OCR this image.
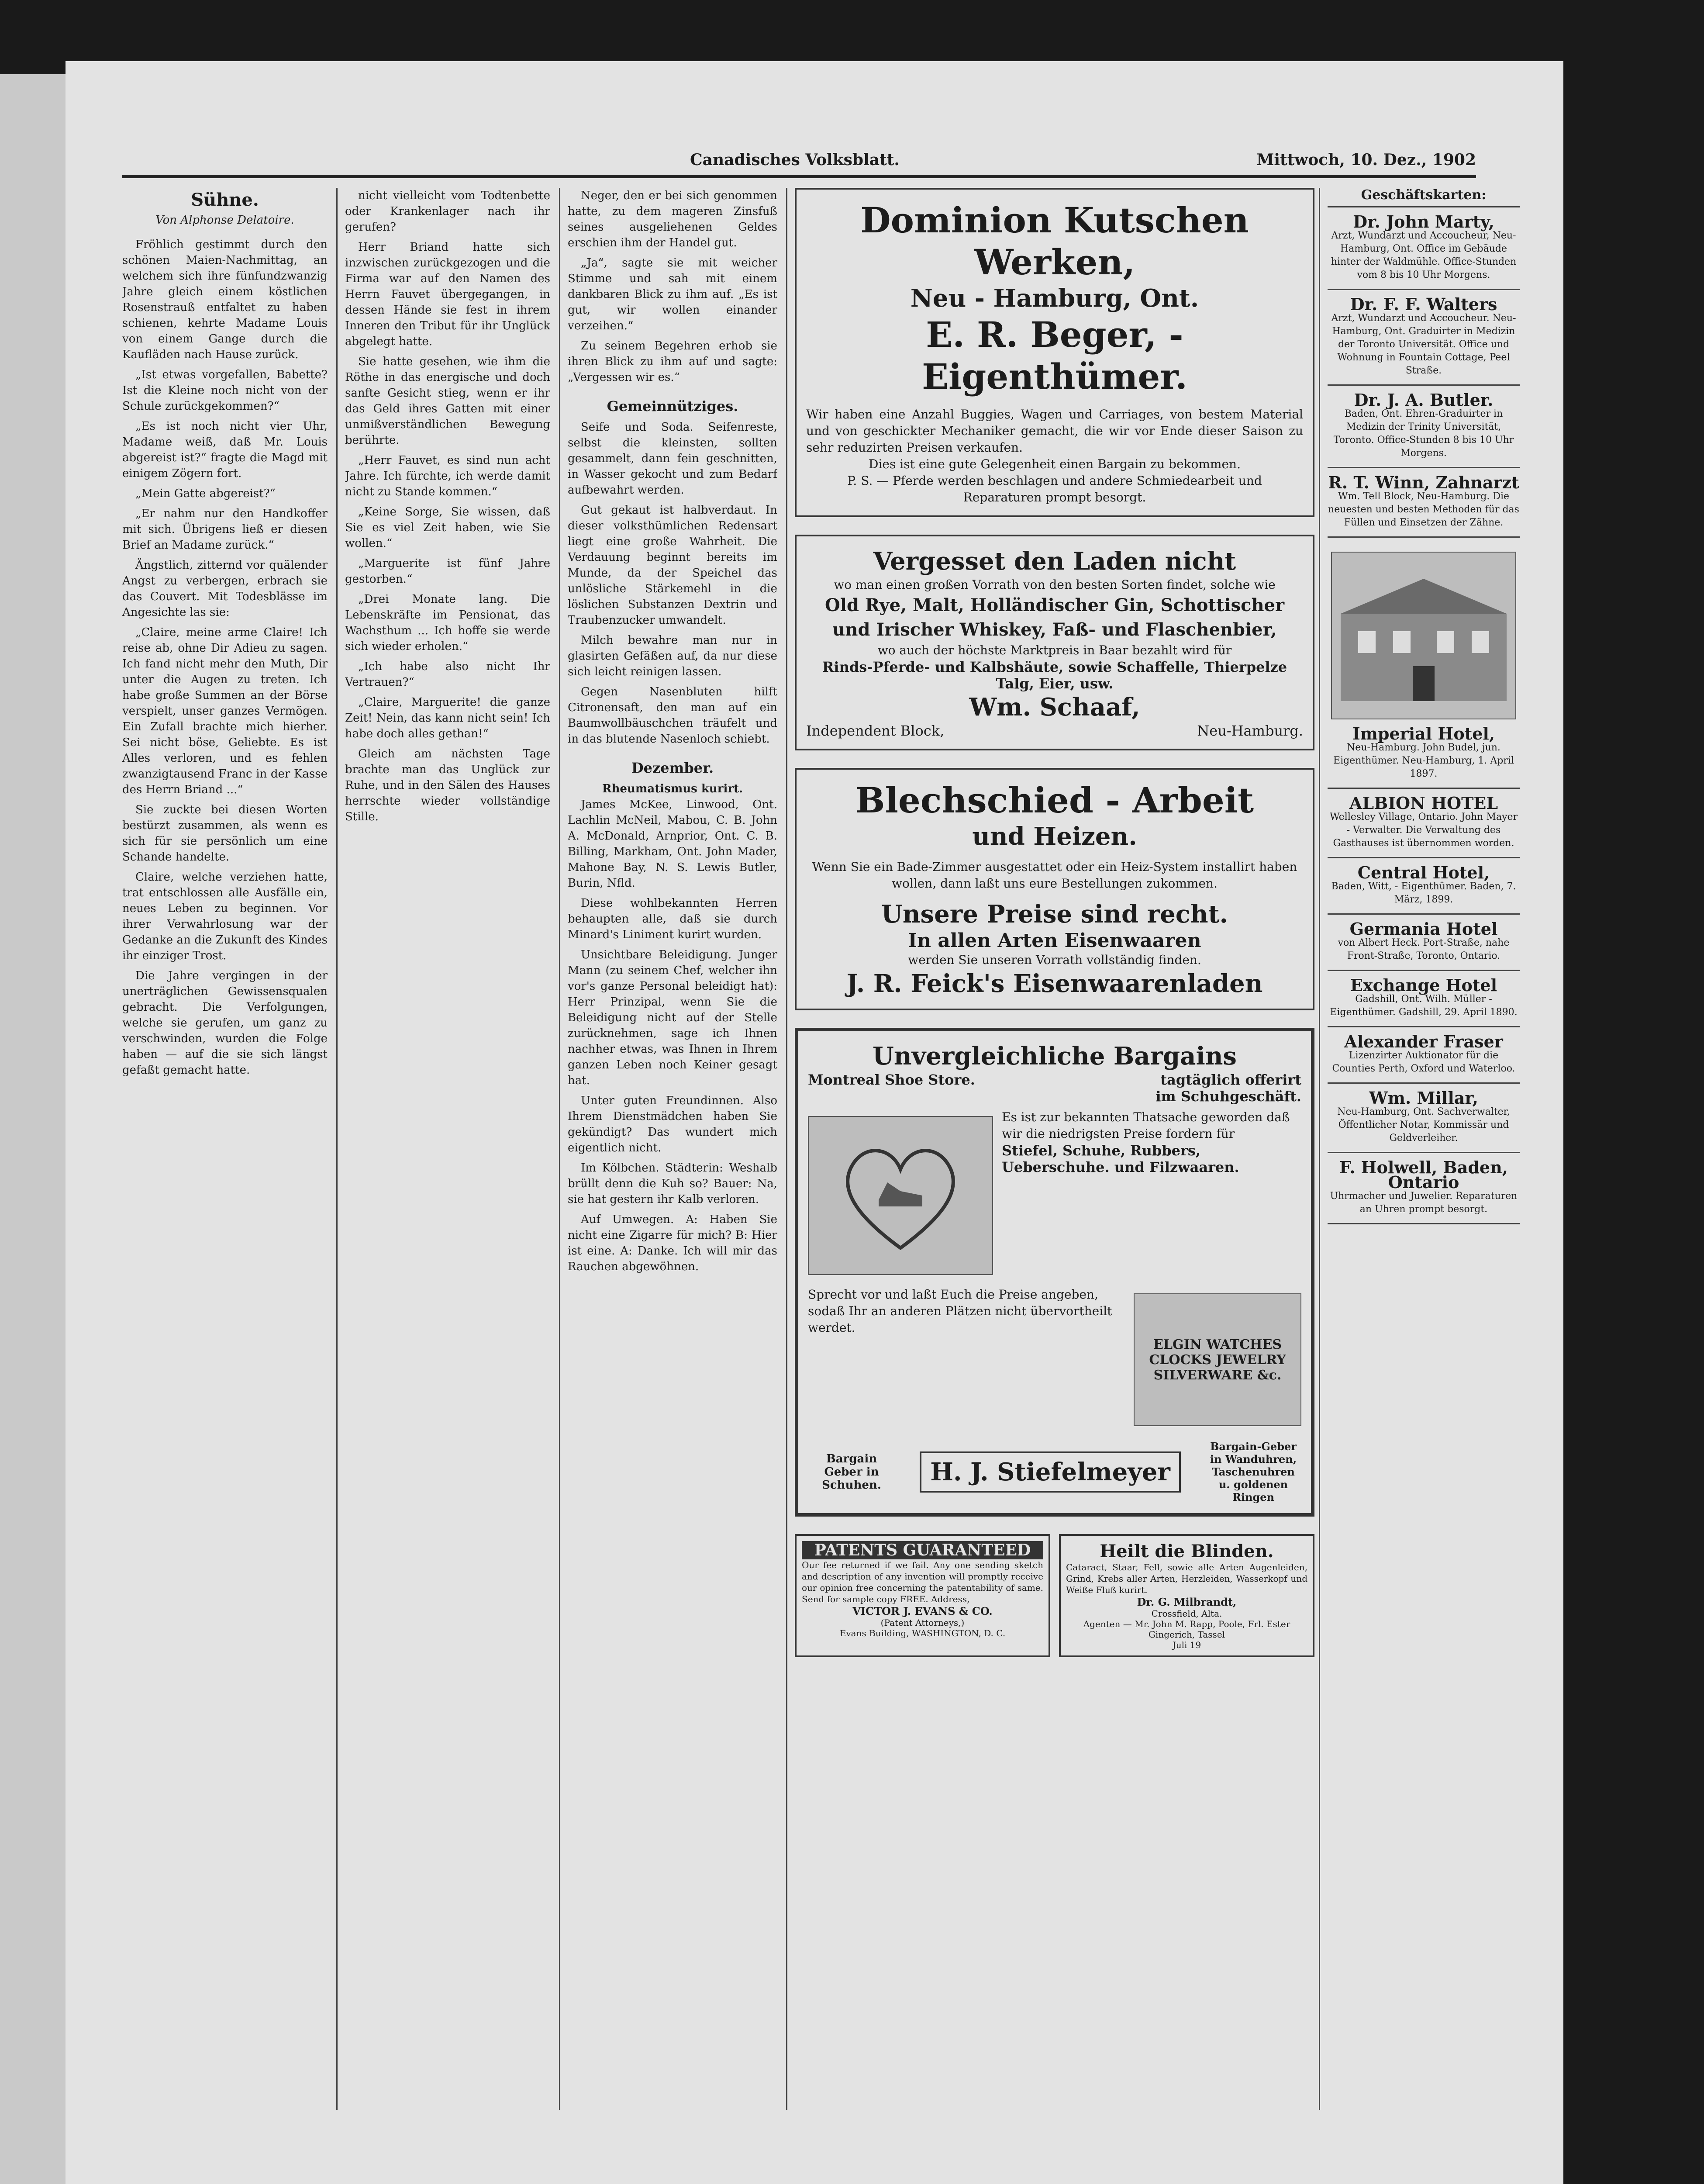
Canadisches Volksblatt.	Mittwoch, 10. Dez., 1902
Sühne.
Von Alphonse Delatoire.

Fröhlich gestimmt durch den schönen Maien-Nachmittag, an welchem sich ihre fünfundzwanzig Jahre gleich einem köstlichen Rosenstrauß entfaltet zu haben schienen, kehrte Madame Louis von einem Gange durch die Kaufläden nach Hause zurück.

„Ist etwas vorgefallen, Babette? Ist die Kleine noch nicht von der Schule zurückgekommen?“

„Es ist noch nicht vier Uhr, Madame weiß, daß Mr. Louis abgereist ist?“ fragte die Magd mit einigem Zögern fort.

„Mein Gatte abgereist?“

„Er nahm nur den Handkoffer mit sich. Übrigens ließ er diesen Brief an Madame zurück.“

Ängstlich, zitternd vor quälender Angst zu verbergen, erbrach sie das Couvert. Mit Todesblässe im Angesichte las sie:

„Claire, meine arme Claire! Ich reise ab, ohne Dir Adieu zu sagen. Ich fand nicht mehr den Muth, Dir unter die Augen zu treten. Ich habe große Summen an der Börse verspielt, unser ganzes Vermögen. Ein Zufall brachte mich hierher. Sei nicht böse, Geliebte. Es ist Alles verloren, und es fehlen zwanzigtausend Franc in der Kasse des Herrn Briand ...“

Sie zuckte bei diesen Worten bestürzt zusammen, als wenn es sich für sie persönlich um eine Schande handelte.

Claire, welche verziehen hatte, trat entschlossen alle Ausfälle ein, neues Leben zu beginnen. Vor ihrer Verwahrlosung war der Gedanke an die Zukunft des Kindes ihr einziger Trost.

Die Jahre vergingen in der unerträglichen Gewissensqualen gebracht. Die Verfolgungen, welche sie gerufen, um ganz zu verschwinden, wurden die Folge haben — auf die sie sich längst gefaßt gemacht hatte.

nicht vielleicht vom Todtenbette oder Krankenlager nach ihr gerufen?

Herr Briand hatte sich inzwischen zurückgezogen und die Firma war auf den Namen des Herrn Fauvet übergegangen, in dessen Hände sie fest in ihrem Inneren den Tribut für ihr Unglück abgelegt hatte.

Sie hatte gesehen, wie ihm die Röthe in das energische und doch sanfte Gesicht stieg, wenn er ihr das Geld ihres Gatten mit einer unmißverständlichen Bewegung berührte.

„Herr Fauvet, es sind nun acht Jahre. Ich fürchte, ich werde damit nicht zu Stande kommen.“

„Keine Sorge, Sie wissen, daß Sie es viel Zeit haben, wie Sie wollen.“

„Marguerite ist fünf Jahre gestorben.“

„Drei Monate lang. Die Lebenskräfte im Pensionat, das Wachsthum ... Ich hoffe sie werde sich wieder erholen.“

„Ich habe also nicht Ihr Vertrauen?“

„Claire, Marguerite! die ganze Zeit! Nein, das kann nicht sein! Ich habe doch alles gethan!“

Gleich am nächsten Tage brachte man das Unglück zur Ruhe, und in den Sälen des Hauses herrschte wieder vollständige Stille.

Neger, den er bei sich genommen hatte, zu dem mageren Zinsfuß seines ausgeliehenen Geldes erschien ihm der Handel gut.

„Ja“, sagte sie mit weicher Stimme und sah mit einem dankbaren Blick zu ihm auf. „Es ist gut, wir wollen einander verzeihen.“

Zu seinem Begehren erhob sie ihren Blick zu ihm auf und sagte: „Vergessen wir es.“

Gemeinnütziges.

Seife und Soda. Seifenreste, selbst die kleinsten, sollten gesammelt, dann fein geschnitten, in Wasser gekocht und zum Bedarf aufbewahrt werden.

Gut gekaut ist halbverdaut. In dieser volksthümlichen Redensart liegt eine große Wahrheit. Die Verdauung beginnt bereits im Munde, da der Speichel das unlösliche Stärkemehl in die löslichen Substanzen Dextrin und Traubenzucker umwandelt.

Milch bewahre man nur in glasirten Gefäßen auf, da nur diese sich leicht reinigen lassen.

Gegen Nasenbluten hilft Citronensaft, den man auf ein Baumwollbäuschchen träufelt und in das blutende Nasenloch schiebt.

Dezember.
Rheumatismus kurirt.

James McKee, Linwood, Ont. Lachlin McNeil, Mabou, C. B. John A. McDonald, Arnprior, Ont. C. B. Billing, Markham, Ont. John Mader, Mahone Bay, N. S. Lewis Butler, Burin, Nfld.

Diese wohlbekannten Herren behaupten alle, daß sie durch Minard's Liniment kurirt wurden.

Unsichtbare Beleidigung. Junger Mann (zu seinem Chef, welcher ihn vor's ganze Personal beleidigt hat): Herr Prinzipal, wenn Sie die Beleidigung nicht auf der Stelle zurücknehmen, sage ich Ihnen nachher etwas, was Ihnen in Ihrem ganzen Leben noch Keiner gesagt hat.

Unter guten Freundinnen. Also Ihrem Dienstmädchen haben Sie gekündigt? Das wundert mich eigentlich nicht.

Im Kölbchen. Städterin: Weshalb brüllt denn die Kuh so? Bauer: Na, sie hat gestern ihr Kalb verloren.

Auf Umwegen. A: Haben Sie nicht eine Zigarre für mich? B: Hier ist eine. A: Danke. Ich will mir das Rauchen abgewöhnen.

Dominion Kutschen Werken,
Neu - Hamburg, Ont.
E. R. Beger, - Eigenthümer.
Wir haben eine Anzahl Buggies, Wagen und Carriages, von bestem Material und von geschickter Mechaniker gemacht, die wir vor Ende dieser Saison zu sehr reduzirten Preisen verkaufen.
Dies ist eine gute Gelegenheit einen Bargain zu bekommen.
P. S. — Pferde werden beschlagen und andere Schmiedearbeit und Reparaturen prompt besorgt.
Vergesset den Laden nicht
wo man einen großen Vorrath von den besten Sorten findet, solche wie
Old Rye, Malt, Holländischer Gin, Schottischer und Irischer Whiskey, Faß- und Flaschenbier,
wo auch der höchste Marktpreis in Baar bezahlt wird für
Rinds-Pferde- und Kalbshäute, sowie Schaffelle, Thierpelze Talg, Eier, usw.
Wm. Schaaf,
Independent Block,	Neu-Hamburg.
Blechschied - Arbeit
und Heizen.
Wenn Sie ein Bade-Zimmer ausgestattet oder ein Heiz-System installirt haben wollen, dann laßt uns eure Bestellungen zukommen.
Unsere Preise sind recht.
In allen Arten Eisenwaaren
werden Sie unseren Vorrath vollständig finden.
J. R. Feick's Eisenwaarenladen
Unvergleichliche Bargains
Montreal Shoe Store.	tagtäglich offerirt
im Schuhgeschäft.
Es ist zur bekannten Thatsache geworden daß wir die niedrigsten Preise fordern für
Stiefel, Schuhe, Rubbers, Ueberschuhe. und Filzwaaren.
Sprecht vor und laßt Euch die Preise angeben, sodaß Ihr an anderen Plätzen nicht übervortheilt werdet.
ELGIN WATCHES CLOCKS JEWELRY SILVERWARE &c.
Bargain Geber in Schuhen.	H. J. Stiefelmeyer
Bargain-Geber in Wanduhren, Taschenuhren u. goldenen Ringen
PATENTS GUARANTEED
Our fee returned if we fail. Any one sending sketch and description of any invention will promptly receive our opinion free concerning the patentability of same. Send for sample copy FREE. Address,
VICTOR J. EVANS & CO.
(Patent Attorneys,)
Evans Building, WASHINGTON, D. C.
Heilt die Blinden.
Cataract, Staar, Fell, sowie alle Arten Augenleiden, Grind, Krebs aller Arten, Herzleiden, Wasserkopf und Weiße Fluß kurirt.
Dr. G. Milbrandt,
Crossfield, Alta.
Agenten — Mr. John M. Rapp, Poole, Frl. Ester Gingerich, Tassel
Juli 19
Geschäftskarten:
Dr. John Marty,
Arzt, Wundarzt und Accoucheur, Neu-Hamburg, Ont. Office im Gebäude hinter der Waldmühle. Office-Stunden vom 8 bis 10 Uhr Morgens.
Dr. F. F. Walters
Arzt, Wundarzt und Accoucheur. Neu-Hamburg, Ont. Graduirter in Medizin der Toronto Universität. Office und Wohnung in Fountain Cottage, Peel Straße.
Dr. J. A. Butler.
Baden, Ont. Ehren-Graduirter in Medizin der Trinity Universität, Toronto. Office-Stunden 8 bis 10 Uhr Morgens.
R. T. Winn, Zahnarzt
Wm. Tell Block, Neu-Hamburg. Die neuesten und besten Methoden für das Füllen und Einsetzen der Zähne.
Imperial Hotel,
Neu-Hamburg. John Budel, jun. Eigenthümer. Neu-Hamburg, 1. April 1897.
ALBION HOTEL
Wellesley Village, Ontario. John Mayer - Verwalter. Die Verwaltung des Gasthauses ist übernommen worden.
Central Hotel,
Baden, Witt, - Eigenthümer. Baden, 7. März, 1899.
Germania Hotel
von Albert Heck. Port-Straße, nahe Front-Straße, Toronto, Ontario.
Exchange Hotel
Gadshill, Ont. Wilh. Müller - Eigenthümer. Gadshill, 29. April 1890.
Alexander Fraser
Lizenzirter Auktionator für die Counties Perth, Oxford und Waterloo.
Wm. Millar,
Neu-Hamburg, Ont. Sachverwalter, Öffentlicher Notar, Kommissär und Geldverleiher.
F. Holwell, Baden, Ontario
Uhrmacher und Juwelier. Reparaturen an Uhren prompt besorgt.
